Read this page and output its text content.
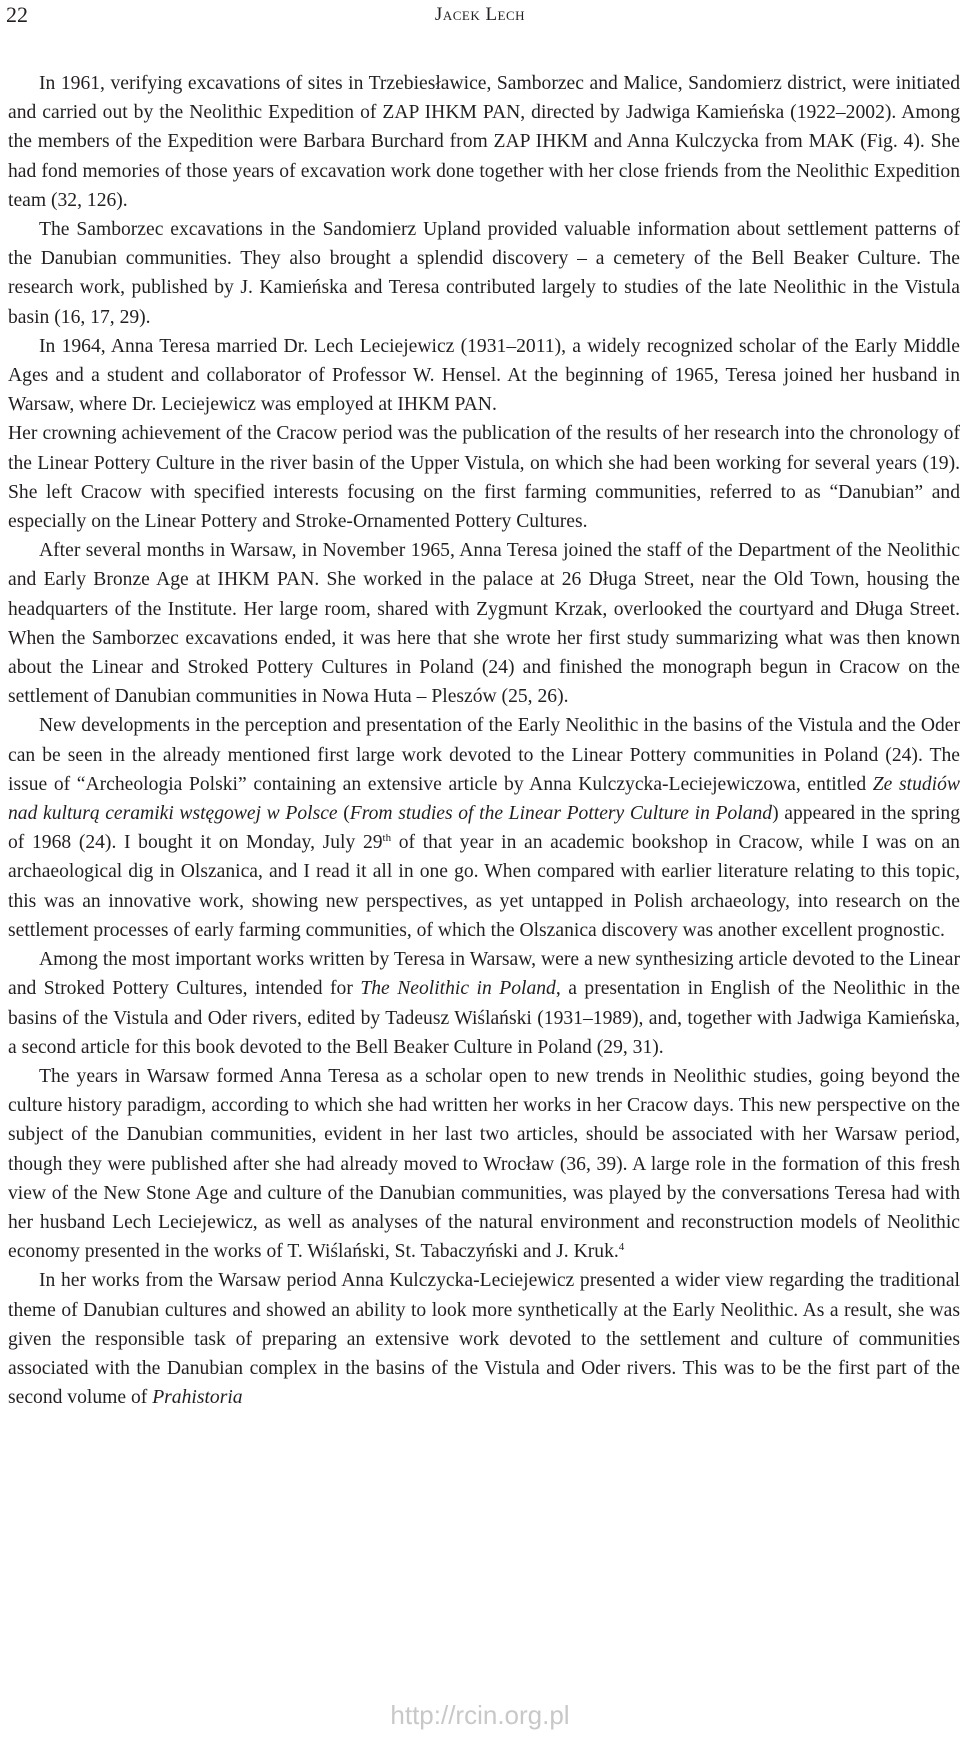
22	Jacek Lech

In 1961, verifying excavations of sites in Trzebiesławice, Samborzec and Malice, Sandomierz district, were initiated and carried out by the Neolithic Expedition of ZAP IHKM PAN, directed by Jadwiga Kamieńska (1922–2002). Among the members of the Expedition were Barbara Burchard from ZAP IHKM and Anna Kulczycka from MAK (Fig. 4). She had fond memories of those years of excavation work done together with her close friends from the Neolithic Expedition team (32, 126).

The Samborzec excavations in the Sandomierz Upland provided valuable information about settlement patterns of the Danubian communities. They also brought a splendid discovery – a cemetery of the Bell Beaker Culture. The research work, published by J. Kamieńska and Teresa contributed largely to studies of the late Neolithic in the Vistula basin (16, 17, 29).

In 1964, Anna Teresa married Dr. Lech Leciejewicz (1931–2011), a widely recognized scholar of the Early Middle Ages and a student and collaborator of Professor W. Hensel. At the beginning of 1965, Teresa joined her husband in Warsaw, where Dr. Leciejewicz was employed at IHKM PAN.

Her crowning achievement of the Cracow period was the publication of the results of her research into the chronology of the Linear Pottery Culture in the river basin of the Upper Vistula, on which she had been working for several years (19). She left Cracow with specified interests focusing on the first farming communities, referred to as “Danubian” and especially on the Linear Pottery and Stroke-Ornamented Pottery Cultures.

After several months in Warsaw, in November 1965, Anna Teresa joined the staff of the Department of the Neolithic and Early Bronze Age at IHKM PAN. She worked in the palace at 26 Długa Street, near the Old Town, housing the headquarters of the Institute. Her large room, shared with Zygmunt Krzak, overlooked the courtyard and Długa Street. When the Samborzec excavations ended, it was here that she wrote her first study summarizing what was then known about the Linear and Stroked Pottery Cultures in Poland (24) and finished the monograph begun in Cracow on the settlement of Danubian communities in Nowa Huta – Pleszów (25, 26).

New developments in the perception and presentation of the Early Neolithic in the basins of the Vistula and the Oder can be seen in the already mentioned first large work devoted to the Linear Pottery communities in Poland (24). The issue of “Archeologia Polski” containing an extensive article by Anna Kulczycka-Leciejewiczowa, entitled Ze studiów nad kulturą ceramiki wstęgowej w Polsce (From studies of the Linear Pottery Culture in Poland) appeared in the spring of 1968 (24). I bought it on Monday, July 29th of that year in an academic bookshop in Cracow, while I was on an archaeological dig in Olszanica, and I read it all in one go. When compared with earlier literature relating to this topic, this was an innovative work, showing new perspectives, as yet untapped in Polish archaeology, into research on the settlement processes of early farming communities, of which the Olszanica discovery was another excellent prognostic.

Among the most important works written by Teresa in Warsaw, were a new synthesizing article devoted to the Linear and Stroked Pottery Cultures, intended for The Neolithic in Poland, a presentation in English of the Neolithic in the basins of the Vistula and Oder rivers, edited by Tadeusz Wiślański (1931–1989), and, together with Jadwiga Kamieńska, a second article for this book devoted to the Bell Beaker Culture in Poland (29, 31).

The years in Warsaw formed Anna Teresa as a scholar open to new trends in Neolithic studies, going beyond the culture history paradigm, according to which she had written her works in her Cracow days. This new perspective on the subject of the Danubian communities, evident in her last two articles, should be associated with her Warsaw period, though they were published after she had already moved to Wrocław (36, 39). A large role in the formation of this fresh view of the New Stone Age and culture of the Danubian communities, was played by the conversations Teresa had with her husband Lech Leciejewicz, as well as analyses of the natural environment and reconstruction models of Neolithic economy presented in the works of T. Wiślański, St. Tabaczyński and J. Kruk.$^4$

In her works from the Warsaw period Anna Kulczycka-Leciejewicz presented a wider view regarding the traditional theme of Danubian cultures and showed an ability to look more synthetically at the Early Neolithic. As a result, she was given the responsible task of preparing an extensive work devoted to the settlement and culture of communities associated with the Danubian complex in the basins of the Vistula and Oder rivers. This was to be the first part of the second volume of Prahistoria

http://rcin.org.pl
